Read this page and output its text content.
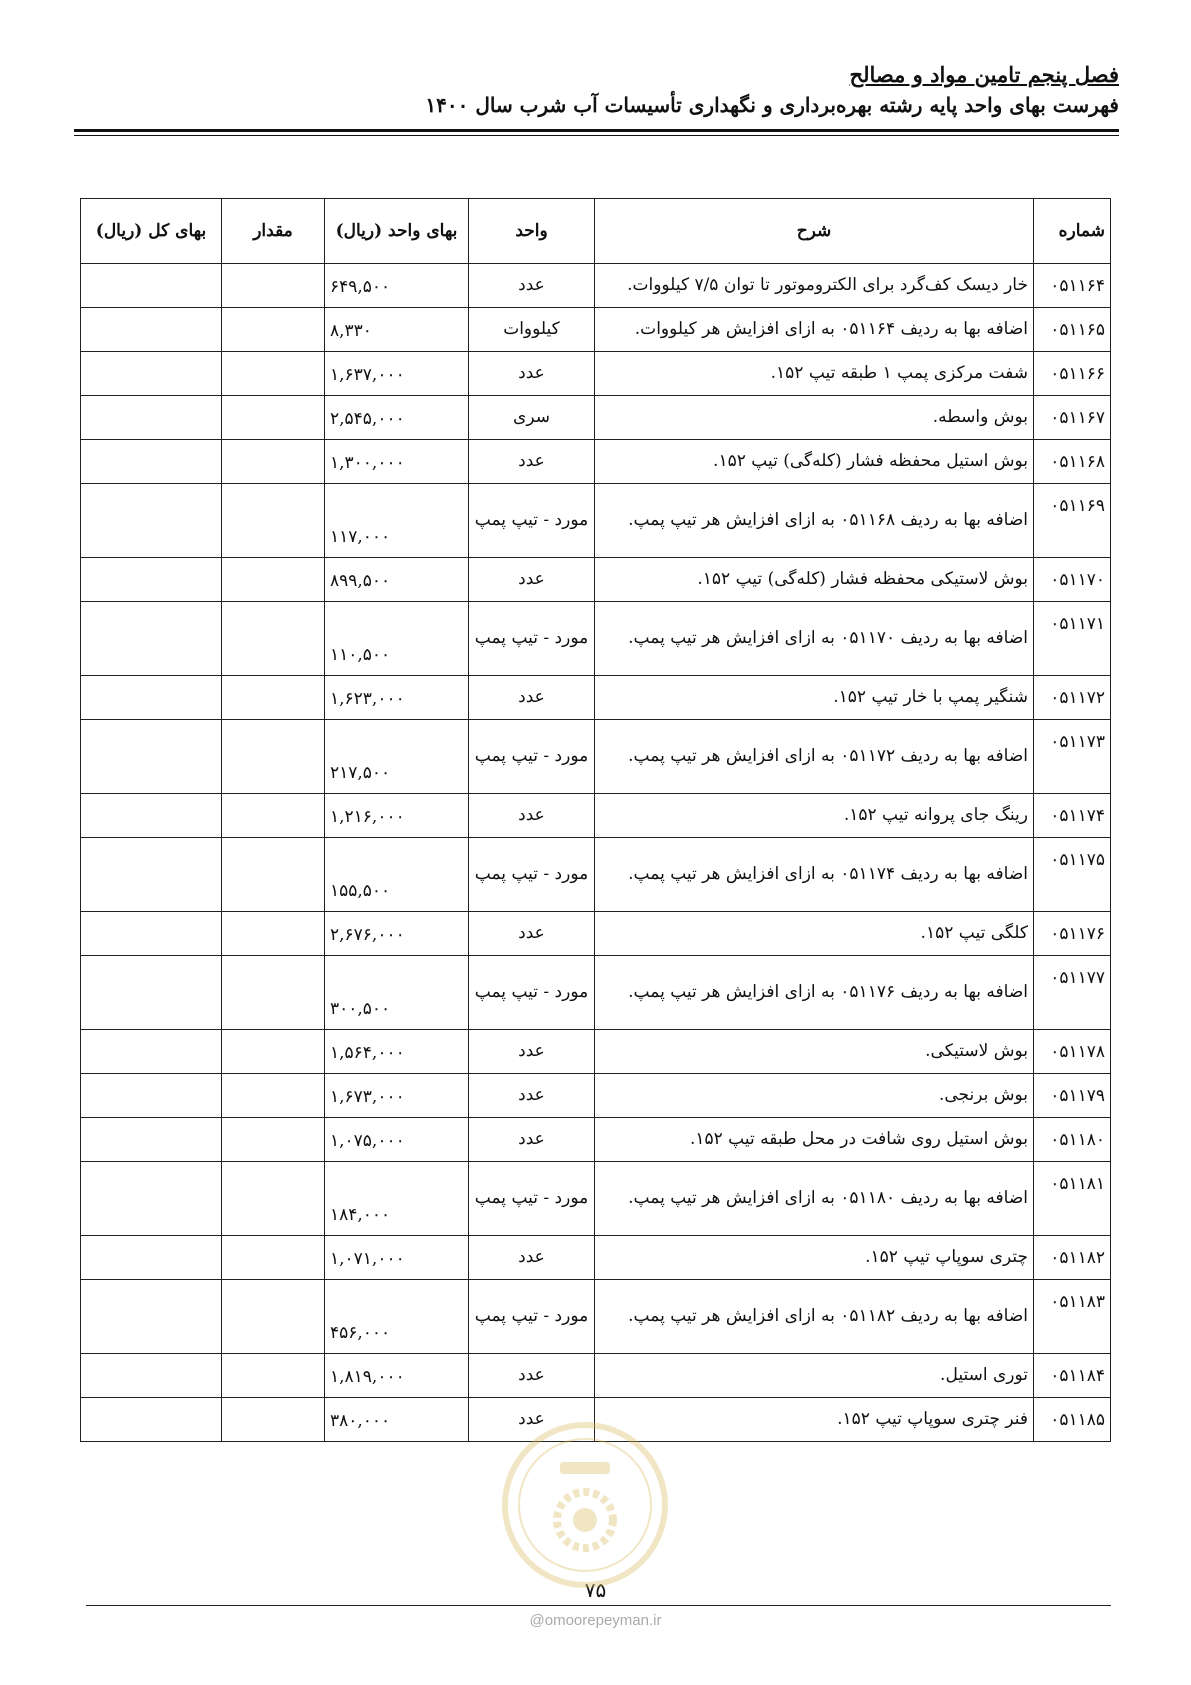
فصل پنجم تامین مواد و مصالح
فهرست بهای واحد پایه رشته بهره‌برداری و نگهداری تأسیسات آب شرب سال ۱۴۰۰
شماره	شرح	واحد	بهای واحد (ریال)	مقدار	بهای کل (ریال)
۰۵۱۱۶۴	خار دیسک کف‌گرد برای الکتروموتور تا توان ۷/۵ کیلووات.	عدد	۶۴۹,۵۰۰		
۰۵۱۱۶۵	اضافه بها به ردیف ۰۵۱۱۶۴ به ازای افزایش هر کیلووات.	کیلووات	۸,۳۳۰		
۰۵۱۱۶۶	شفت مرکزی پمپ ۱ طبقه تیپ ۱۵۲.	عدد	۱,۶۳۷,۰۰۰		
۰۵۱۱۶۷	بوش واسطه.	سری	۲,۵۴۵,۰۰۰		
۰۵۱۱۶۸	بوش استیل محفظه فشار (کله‌گی) تیپ ۱۵۲.	عدد	۱,۳۰۰,۰۰۰		
۰۵۱۱۶۹	اضافه بها به ردیف ۰۵۱۱۶۸ به ازای افزایش هر تیپ پمپ.	مورد - تیپ پمپ	۱۱۷,۰۰۰		
۰۵۱۱۷۰	بوش لاستیکی محفظه فشار (کله‌گی) تیپ ۱۵۲.	عدد	۸۹۹,۵۰۰		
۰۵۱۱۷۱	اضافه بها به ردیف ۰۵۱۱۷۰ به ازای افزایش هر تیپ پمپ.	مورد - تیپ پمپ	۱۱۰,۵۰۰		
۰۵۱۱۷۲	شنگیر پمپ با خار تیپ ۱۵۲.	عدد	۱,۶۲۳,۰۰۰		
۰۵۱۱۷۳	اضافه بها به ردیف ۰۵۱۱۷۲ به ازای افزایش هر تیپ پمپ.	مورد - تیپ پمپ	۲۱۷,۵۰۰		
۰۵۱۱۷۴	رینگ جای پروانه تیپ ۱۵۲.	عدد	۱,۲۱۶,۰۰۰		
۰۵۱۱۷۵	اضافه بها به ردیف ۰۵۱۱۷۴ به ازای افزایش هر تیپ پمپ.	مورد - تیپ پمپ	۱۵۵,۵۰۰		
۰۵۱۱۷۶	کلگی تیپ ۱۵۲.	عدد	۲,۶۷۶,۰۰۰		
۰۵۱۱۷۷	اضافه بها به ردیف ۰۵۱۱۷۶ به ازای افزایش هر تیپ پمپ.	مورد - تیپ پمپ	۳۰۰,۵۰۰		
۰۵۱۱۷۸	بوش لاستیکی.	عدد	۱,۵۶۴,۰۰۰		
۰۵۱۱۷۹	بوش برنجی.	عدد	۱,۶۷۳,۰۰۰		
۰۵۱۱۸۰	بوش استیل روی شافت در محل طبقه تیپ ۱۵۲.	عدد	۱,۰۷۵,۰۰۰		
۰۵۱۱۸۱	اضافه بها به ردیف ۰۵۱۱۸۰ به ازای افزایش هر تیپ پمپ.	مورد - تیپ پمپ	۱۸۴,۰۰۰		
۰۵۱۱۸۲	چتری سوپاپ تیپ ۱۵۲.	عدد	۱,۰۷۱,۰۰۰		
۰۵۱۱۸۳	اضافه بها به ردیف ۰۵۱۱۸۲ به ازای افزایش هر تیپ پمپ.	مورد - تیپ پمپ	۴۵۶,۰۰۰		
۰۵۱۱۸۴	توری استیل.	عدد	۱,۸۱۹,۰۰۰		
۰۵۱۱۸۵	فنر چتری سوپاپ تیپ ۱۵۲.	عدد	۳۸۰,۰۰۰		
۷۵
@omoorepeyman.ir
